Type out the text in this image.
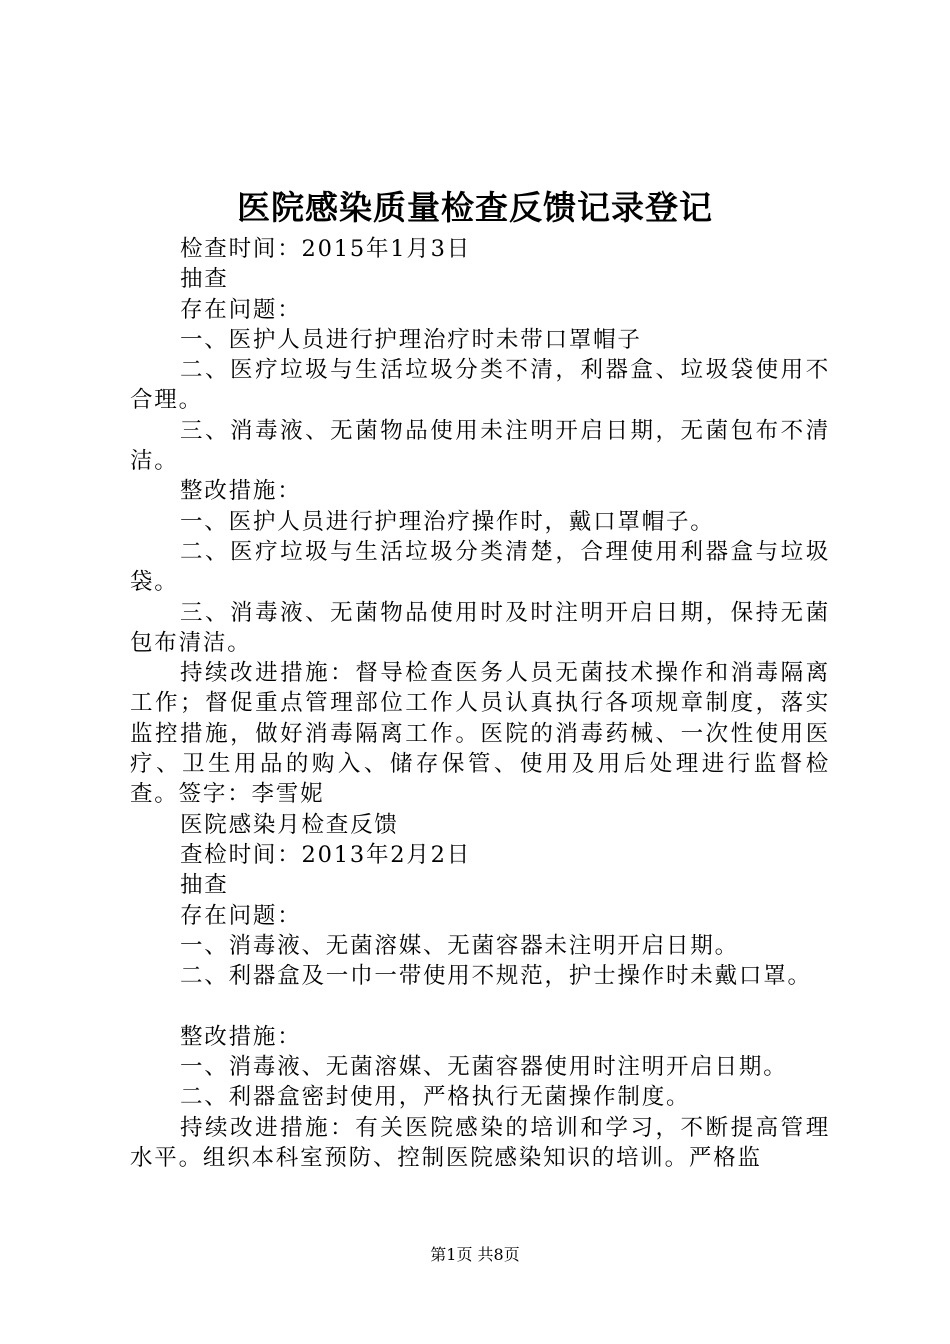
医院感染质量检查反馈记录登记

检查时间：2015年1月3日

抽查

存在问题：

一、医护人员进行护理治疗时未带口罩帽子

二、医疗垃圾与生活垃圾分类不清，利器盒、垃圾袋使用不合理。

三、消毒液、无菌物品使用未注明开启日期，无菌包布不清洁。

整改措施：

一、医护人员进行护理治疗操作时，戴口罩帽子。

二、医疗垃圾与生活垃圾分类清楚，合理使用利器盒与垃圾袋。

三、消毒液、无菌物品使用时及时注明开启日期，保持无菌包布清洁。

持续改进措施：督导检查医务人员无菌技术操作和消毒隔离工作；督促重点管理部位工作人员认真执行各项规章制度，落实监控措施，做好消毒隔离工作。医院的消毒药械、一次性使用医疗、卫生用品的购入、储存保管、使用及用后处理进行监督检查。签字：李雪妮

医院感染月检查反馈

查检时间：2013年2月2日

抽查

存在问题：

一、消毒液、无菌溶媒、无菌容器未注明开启日期。

二、利器盒及一巾一带使用不规范，护士操作时未戴口罩。

整改措施：

一、消毒液、无菌溶媒、无菌容器使用时注明开启日期。

二、利器盒密封使用，严格执行无菌操作制度。

持续改进措施：有关医院感染的培训和学习，不断提高管理水平。组织本科室预防、控制医院感染知识的培训。严格监

第1页 共8页
